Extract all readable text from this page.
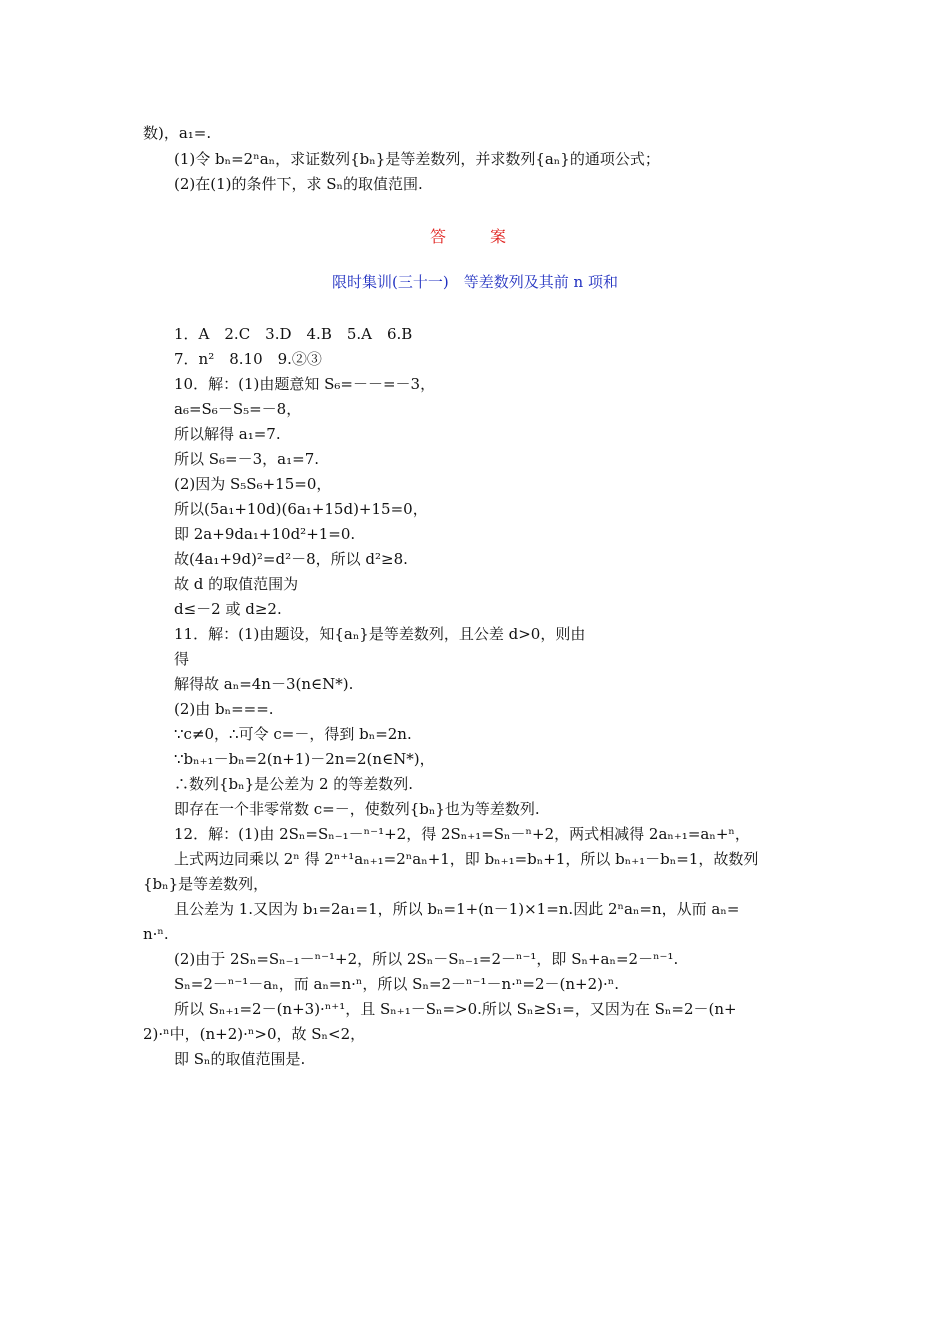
数)，a₁=.
(1)令 bₙ=2ⁿaₙ，求证数列{bₙ}是等差数列，并求数列{aₙ}的通项公式；
(2)在(1)的条件下，求 Sₙ的取值范围.
答　案
限时集训(三十一)　等差数列及其前 n 项和
1．A　2.C　3.D　4.B　5.A　6.B
7．n²　8.10　9.②③
10．解：(1)由题意知 S₆=－－=－3，
a₆=S₆－S₅=－8，
所以解得 a₁=7.
所以 S₆=－3，a₁=7.
(2)因为 S₅S₆+15=0，
所以(5a₁+10d)(6a₁+15d)+15=0，
即 2a+9da₁+10d²+1=0.
故(4a₁+9d)²=d²－8，所以 d²≥8.
故 d 的取值范围为
d≤－2 或 d≥2.
11．解：(1)由题设，知{aₙ}是等差数列，且公差 d>0，则由
得
解得故 aₙ=4n－3(n∈N*).
(2)由 bₙ===.
∵c≠0，∴可令 c=－，得到 bₙ=2n.
∵bₙ₊₁－bₙ=2(n+1)－2n=2(n∈N*)，
∴数列{bₙ}是公差为 2 的等差数列.
即存在一个非零常数 c=－，使数列{bₙ}也为等差数列.
12．解：(1)由 2Sₙ=Sₙ₋₁－ⁿ⁻¹+2，得 2Sₙ₊₁=Sₙ－ⁿ+2，两式相减得 2aₙ₊₁=aₙ+ⁿ，
上式两边同乘以 2ⁿ 得 2ⁿ⁺¹aₙ₊₁=2ⁿaₙ+1，即 bₙ₊₁=bₙ+1，所以 bₙ₊₁－bₙ=1，故数列
{bₙ}是等差数列，
且公差为 1.又因为 b₁=2a₁=1，所以 bₙ=1+(n－1)×1=n.因此 2ⁿaₙ=n，从而 aₙ=
n·ⁿ.
(2)由于 2Sₙ=Sₙ₋₁－ⁿ⁻¹+2，所以 2Sₙ－Sₙ₋₁=2－ⁿ⁻¹，即 Sₙ+aₙ=2－ⁿ⁻¹.
Sₙ=2－ⁿ⁻¹－aₙ，而 aₙ=n·ⁿ，所以 Sₙ=2－ⁿ⁻¹－n·ⁿ=2－(n+2)·ⁿ.
所以 Sₙ₊₁=2－(n+3)·ⁿ⁺¹，且 Sₙ₊₁－Sₙ=>0.所以 Sₙ≥S₁=，又因为在 Sₙ=2－(n+
2)·ⁿ中，(n+2)·ⁿ>0，故 Sₙ<2，
即 Sₙ的取值范围是.
